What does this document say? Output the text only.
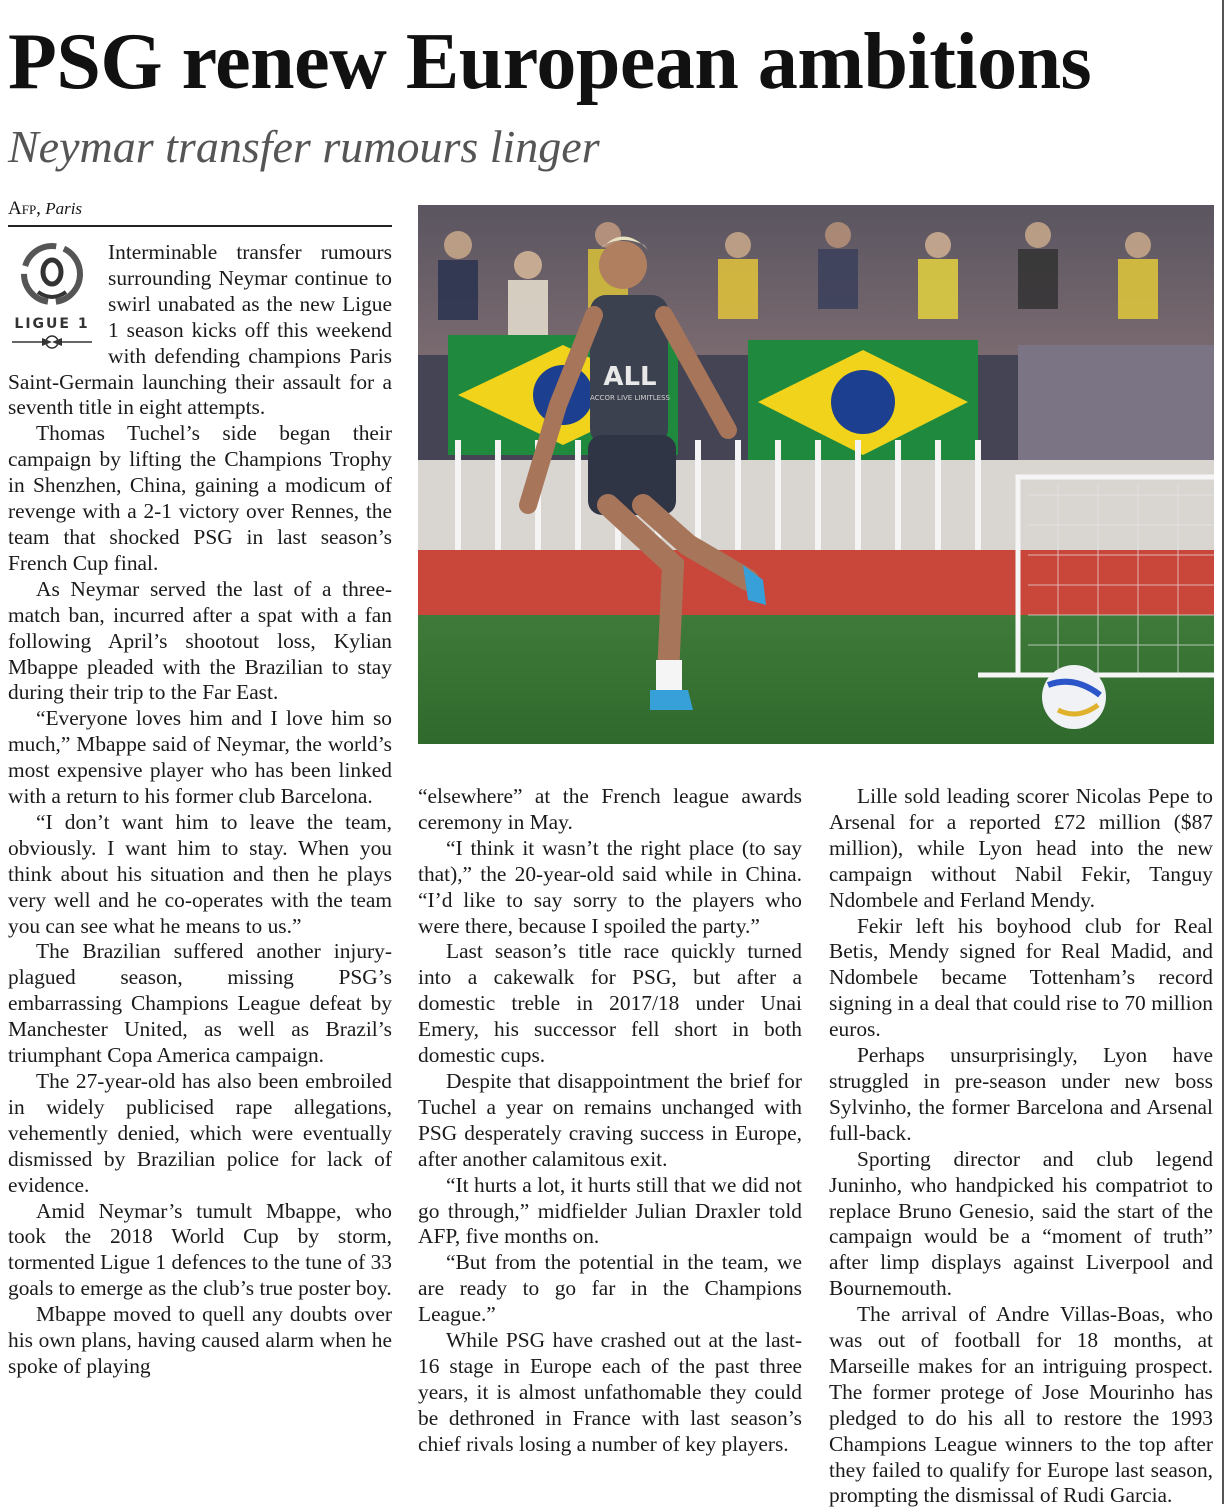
PSG renew European ambitions
Neymar transfer rumours linger
Afp, Paris
LIGUE 1

Interminable transfer rumours surrounding Neymar continue to swirl unabated as the new Ligue 1 season kicks off this weekend with defending champions Paris Saint-Germain launching their assault for a seventh title in eight attempts.

Thomas Tuchel’s side began their campaign by lifting the Champions Trophy in Shenzhen, China, gaining a modicum of revenge with a 2-1 victory over Rennes, the team that shocked PSG in last season’s French Cup final.

As Neymar served the last of a three-match ban, incurred after a spat with a fan following April’s shootout loss, Kylian Mbappe pleaded with the Brazilian to stay during their trip to the Far East.

“Everyone loves him and I love him so much,” Mbappe said of Neymar, the world’s most expensive player who has been linked with a return to his former club Barcelona.

“I don’t want him to leave the team, obviously. I want him to stay. When you think about his situation and then he plays very well and he co-operates with the team you can see what he means to us.”

The Brazilian suffered another injury-plagued season, missing PSG’s embarrassing Champions League defeat by Manchester United, as well as Brazil’s triumphant Copa America campaign.

The 27-year-old has also been embroiled in widely publicised rape allegations, vehemently denied, which were eventually dismissed by Brazilian police for lack of evidence.

Amid Neymar’s tumult Mbappe, who took the 2018 World Cup by storm, tormented Ligue 1 defences to the tune of 33 goals to emerge as the club’s true poster boy.

Mbappe moved to quell any doubts over his own plans, having caused alarm when he spoke of playing

ALL
ACCOR LIVE LIMITLESS

“elsewhere” at the French league awards ceremony in May.

“I think it wasn’t the right place (to say that),” the 20-year-old said while in China. “I’d like to say sorry to the players who were there, because I spoiled the party.”

Last season’s title race quickly turned into a cakewalk for PSG, but after a domestic treble in 2017/18 under Unai Emery, his successor fell short in both domestic cups.

Despite that disappointment the brief for Tuchel a year on remains unchanged with PSG desperately craving success in Europe, after another calamitous exit.

“It hurts a lot, it hurts still that we did not go through,” midfielder Julian Draxler told AFP, five months on.

“But from the potential in the team, we are ready to go far in the Champions League.”

While PSG have crashed out at the last-16 stage in Europe each of the past three years, it is almost unfathomable they could be dethroned in France with last season’s chief rivals losing a number of key players.

Lille sold leading scorer Nicolas Pepe to Arsenal for a reported £72 million ($87 million), while Lyon head into the new campaign without Nabil Fekir, Tanguy Ndombele and Ferland Mendy.

Fekir left his boyhood club for Real Betis, Mendy signed for Real Madid, and Ndombele became Tottenham’s record signing in a deal that could rise to 70 million euros.

Perhaps unsurprisingly, Lyon have struggled in pre-season under new boss Sylvinho, the former Barcelona and Arsenal full-back.

Sporting director and club legend Juninho, who handpicked his compatriot to replace Bruno Genesio, said the start of the campaign would be a “moment of truth” after limp displays against Liverpool and Bournemouth.

The arrival of Andre Villas-Boas, who was out of football for 18 months, at Marseille makes for an intriguing prospect. The former protege of Jose Mourinho has pledged to do his all to restore the 1993 Champions League winners to the top after they failed to qualify for Europe last season, prompting the dismissal of Rudi Garcia.
